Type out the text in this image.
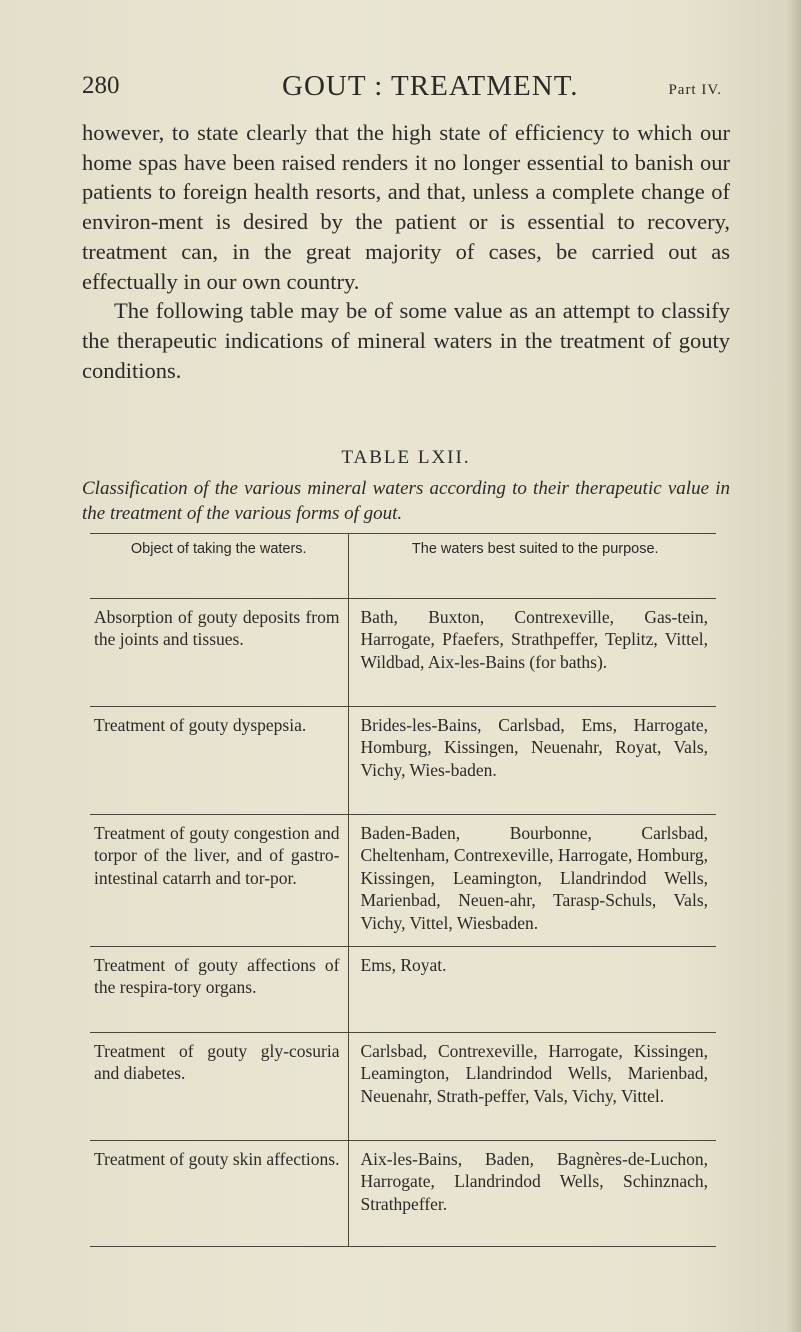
280	GOUT : TREATMENT.	Part IV.

however, to state clearly that the high state of efficiency to which our home spas have been raised renders it no longer essential to banish our patients to foreign health resorts, and that, unless a complete change of environ-ment is desired by the patient or is essential to recovery, treatment can, in the great majority of cases, be carried out as effectually in our own country.

The following table may be of some value as an attempt to classify the therapeutic indications of mineral waters in the treatment of gouty conditions.

TABLE LXII.

Classification of the various mineral waters according to their therapeutic value in the treatment of the various forms of gout.

Object of taking the waters.	The waters best suited to the purpose.
Absorption of gouty deposits from the joints and tissues.	Bath, Buxton, Contrexeville, Gas-tein, Harrogate, Pfaefers, Strathpeffer, Teplitz, Vittel, Wildbad, Aix-les-Bains (for baths).
Treatment of gouty dyspepsia.	Brides-les-Bains, Carlsbad, Ems, Harrogate, Homburg, Kissingen, Neuenahr, Royat, Vals, Vichy, Wies-baden.
Treatment of gouty congestion and torpor of the liver, and of gastro-intestinal catarrh and tor-por.	Baden-Baden, Bourbonne, Carlsbad, Cheltenham, Contrexeville, Harrogate, Homburg, Kissingen, Leamington, Llandrindod Wells, Marienbad, Neuen-ahr, Tarasp-Schuls, Vals, Vichy, Vittel, Wiesbaden.
Treatment of gouty affections of the respira-tory organs.	Ems, Royat.
Treatment of gouty gly-cosuria and diabetes.	Carlsbad, Contrexeville, Harrogate, Kissingen, Leamington, Llandrindod Wells, Marienbad, Neuenahr, Strath-peffer, Vals, Vichy, Vittel.
Treatment of gouty skin affections.	Aix-les-Bains, Baden, Bagnères-de-Luchon, Harrogate, Llandrindod Wells, Schinznach, Strathpeffer.
